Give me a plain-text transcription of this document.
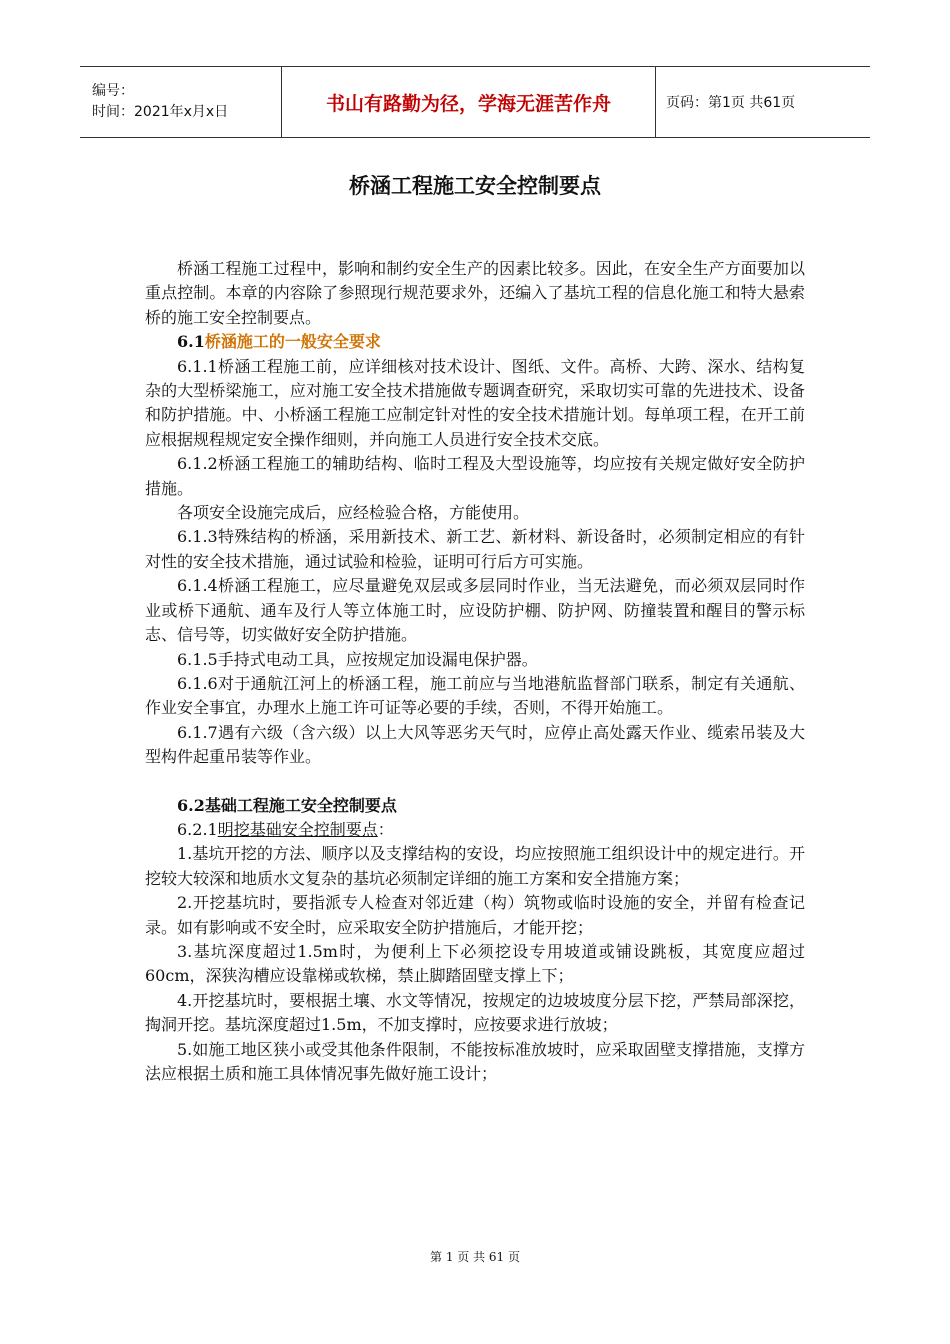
编号：
时间：2021年x月x日	书山有路勤为径，学海无涯苦作舟	页码：第1页 共61页
桥涵工程施工安全控制要点

桥涵工程施工过程中，影响和制约安全生产的因素比较多。因此，在安全生产方面要加以重点控制。本章的内容除了参照现行规范要求外，还编入了基坑工程的信息化施工和特大悬索桥的施工安全控制要点。

6.1桥涵施工的一般安全要求

6.1.1桥涵工程施工前，应详细核对技术设计、图纸、文件。高桥、大跨、深水、结构复杂的大型桥梁施工，应对施工安全技术措施做专题调查研究，采取切实可靠的先进技术、设备和防护措施。中、小桥涵工程施工应制定针对性的安全技术措施计划。每单项工程，在开工前应根据规程规定安全操作细则，并向施工人员进行安全技术交底。

6.1.2桥涵工程施工的辅助结构、临时工程及大型设施等，均应按有关规定做好安全防护措施。

各项安全设施完成后，应经检验合格，方能使用。

6.1.3特殊结构的桥涵，采用新技术、新工艺、新材料、新设备时，必须制定相应的有针对性的安全技术措施，通过试验和检验，证明可行后方可实施。

6.1.4桥涵工程施工，应尽量避免双层或多层同时作业，当无法避免，而必须双层同时作业或桥下通航、通车及行人等立体施工时，应设防护棚、防护网、防撞装置和醒目的警示标志、信号等，切实做好安全防护措施。

6.1.5手持式电动工具，应按规定加设漏电保护器。

6.1.6对于通航江河上的桥涵工程，施工前应与当地港航监督部门联系，制定有关通航、作业安全事宜，办理水上施工许可证等必要的手续，否则，不得开始施工。

6.1.7遇有六级（含六级）以上大风等恶劣天气时，应停止高处露天作业、缆索吊装及大型构件起重吊装等作业。

6.2基础工程施工安全控制要点

6.2.1明挖基础安全控制要点：

1.基坑开挖的方法、顺序以及支撑结构的安设，均应按照施工组织设计中的规定进行。开挖较大较深和地质水文复杂的基坑必须制定详细的施工方案和安全措施方案；

2.开挖基坑时，要指派专人检查对邻近建（构）筑物或临时设施的安全，并留有检查记录。如有影响或不安全时，应采取安全防护措施后，才能开挖；

3.基坑深度超过1.5m时，为便利上下必须挖设专用坡道或铺设跳板，其宽度应超过60cm，深狭沟槽应设靠梯或软梯，禁止脚踏固壁支撑上下；

4.开挖基坑时，要根据土壤、水文等情况，按规定的边坡坡度分层下挖，严禁局部深挖，掏洞开挖。基坑深度超过1.5m，不加支撑时，应按要求进行放坡；

5.如施工地区狭小或受其他条件限制，不能按标准放坡时，应采取固壁支撑措施，支撑方法应根据土质和施工具体情况事先做好施工设计；

第 1 页 共 61 页
